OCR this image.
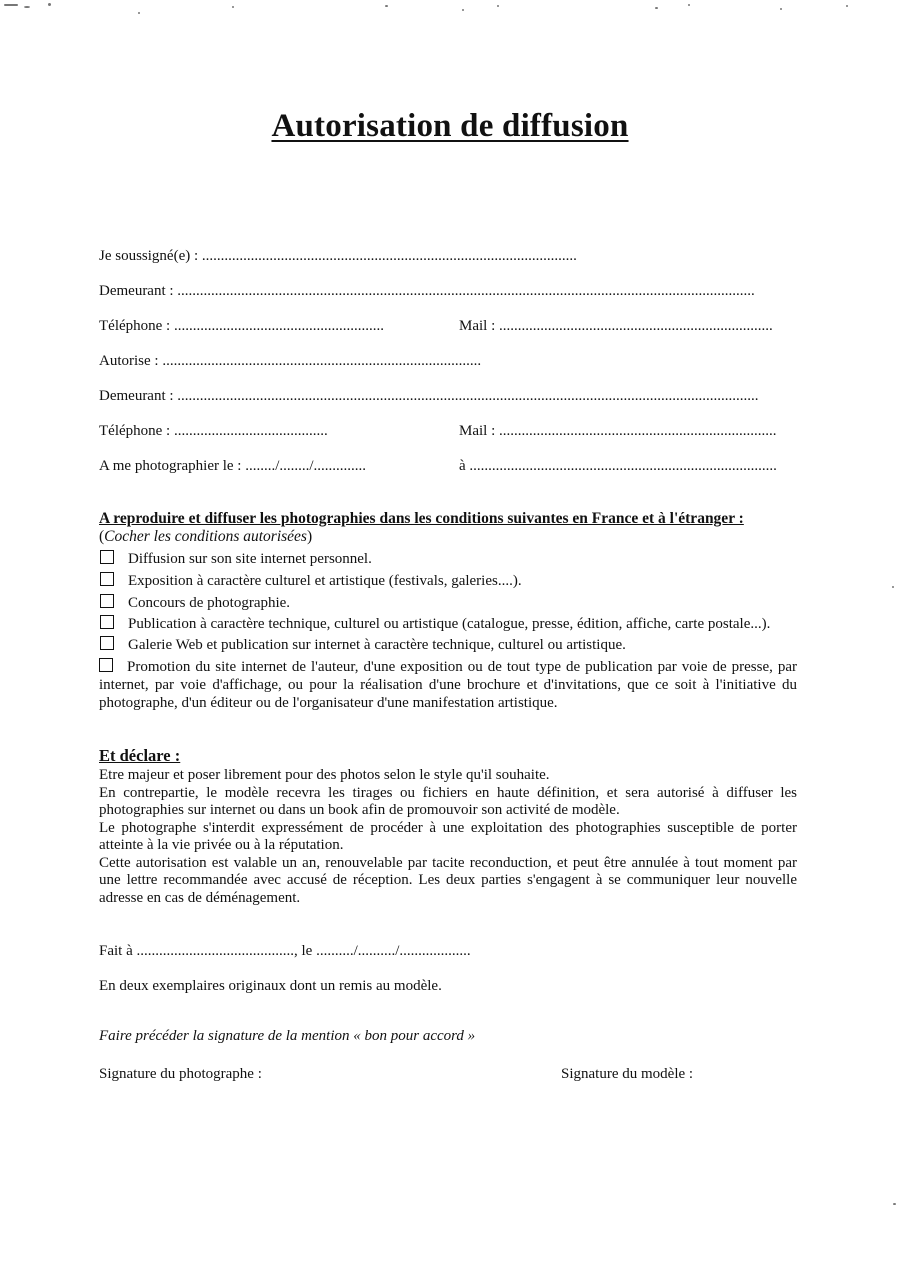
Autorisation de diffusion
Je soussigné(e) : ....................................................................................................
Demeurant : ..........................................................................................................................................................
Téléphone : ........................................................	Mail : .........................................................................
Autorise : .....................................................................................
Demeurant : ...........................................................................................................................................................
Téléphone : .........................................	Mail : ..........................................................................
A me photographier le : ......../......../..............	à ..................................................................................
A reproduire et diffuser les photographies dans les conditions suivantes en France et à l'étranger :
(Cocher les conditions autorisées)
Diffusion sur son site internet personnel.
Exposition à caractère culturel et artistique (festivals, galeries....).
Concours de photographie.
Publication à caractère technique, culturel ou artistique (catalogue, presse, édition, affiche, carte postale...).
Galerie Web et publication sur internet à caractère technique, culturel ou artistique.
Promotion du site internet de l'auteur, d'une exposition ou de tout type de publication par voie de presse, par internet, par voie d'affichage, ou pour la réalisation d'une brochure et d'invitations, que ce soit à l'initiative du photographe, d'un éditeur ou de l'organisateur d'une manifestation artistique.
Et déclare :
Etre majeur et poser librement pour des photos selon le style qu'il souhaite.
En contrepartie, le modèle recevra les tirages ou fichiers en haute définition, et sera autorisé à diffuser les photographies sur internet ou dans un book afin de promouvoir son activité de modèle.
Le photographe s'interdit expressément de procéder à une exploitation des photographies susceptible de porter atteinte à la vie privée ou à la réputation.
Cette autorisation est valable un an, renouvelable par tacite reconduction, et peut être annulée à tout moment par une lettre recommandée avec accusé de réception. Les deux parties s'engagent à se communiquer leur nouvelle adresse en cas de déménagement.
Fait à .........................................., le ........../........../...................
En deux exemplaires originaux dont un remis au modèle.
Faire précéder la signature de la mention « bon pour accord »
Signature du photographe :	Signature du modèle :
